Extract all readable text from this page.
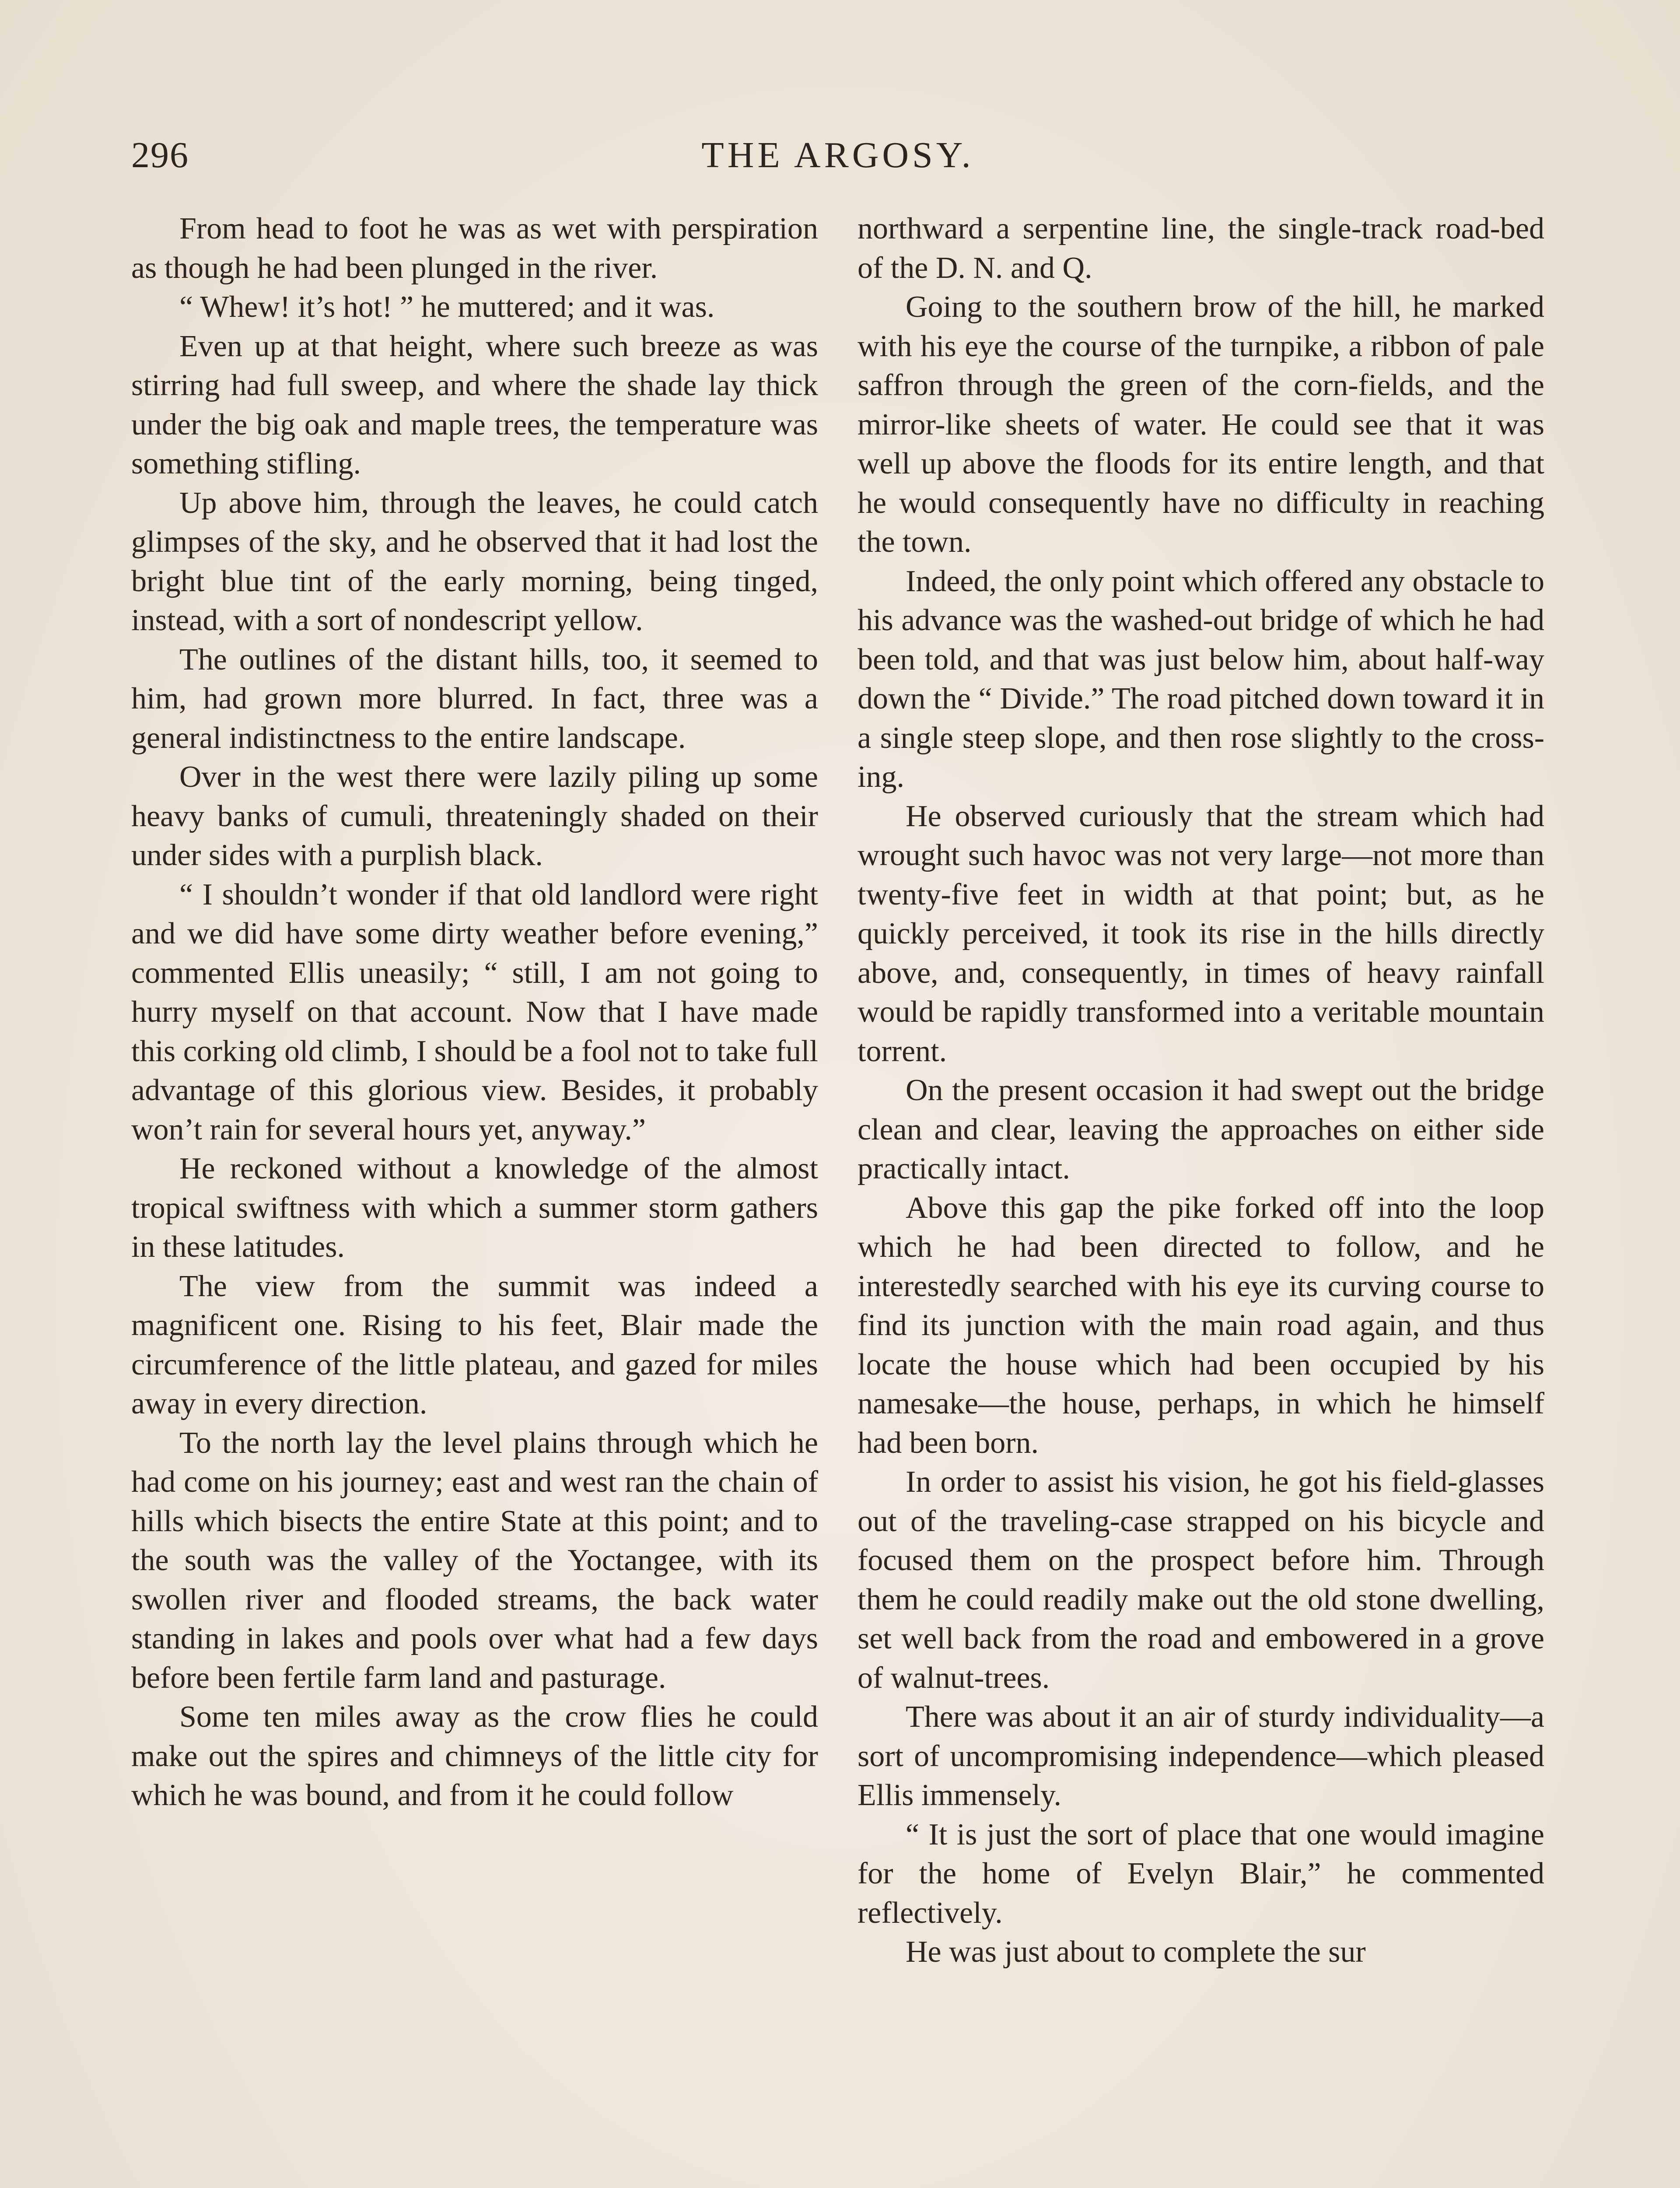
296	THE ARGOSY.

From head to foot he was as wet with perspiration as though he had been plunged in the river.

“ Whew! it’s hot! ” he muttered; and it was.

Even up at that height, where such breeze as was stirring had full sweep, and where the shade lay thick under the big oak and maple trees, the temperature was something stifling.

Up above him, through the leaves, he could catch glimpses of the sky, and he observed that it had lost the bright blue tint of the early morning, being tinged, instead, with a sort of nondescript yellow.

The outlines of the distant hills, too, it seemed to him, had grown more blurred. In fact, three was a general indistinctness to the entire landscape.

Over in the west there were lazily piling up some heavy banks of cumuli, threateningly shaded on their under sides with a purplish black.

“ I shouldn’t wonder if that old landlord were right and we did have some dirty weather before evening,” commented Ellis uneasily; “ still, I am not going to hurry myself on that account. Now that I have made this corking old climb, I should be a fool not to take full advantage of this glorious view. Besides, it probably won’t rain for several hours yet, anyway.”

He reckoned without a knowledge of the almost tropical swiftness with which a summer storm gathers in these latitudes.

The view from the summit was indeed a magnificent one. Rising to his feet, Blair made the circumference of the little plateau, and gazed for miles away in every direction.

To the north lay the level plains through which he had come on his journey; east and west ran the chain of hills which bisects the entire State at this point; and to the south was the valley of the Yoctangee, with its swollen river and flooded streams, the back water standing in lakes and pools over what had a few days before been fertile farm land and pasturage.

Some ten miles away as the crow flies he could make out the spires and chimneys of the little city for which he was bound, and from it he could follow

northward a serpentine line, the single-track road-bed of the D. N. and Q.

Going to the southern brow of the hill, he marked with his eye the course of the turnpike, a ribbon of pale saffron through the green of the corn-fields, and the mirror-like sheets of water. He could see that it was well up above the floods for its entire length, and that he would consequently have no difficulty in reaching the town.

Indeed, the only point which offered any obstacle to his advance was the washed-out bridge of which he had been told, and that was just below him, about half-way down the “ Divide.” The road pitched down toward it in a single steep slope, and then rose slightly to the crossing.

He observed curiously that the stream which had wrought such havoc was not very large—not more than twenty-five feet in width at that point; but, as he quickly perceived, it took its rise in the hills directly above, and, consequently, in times of heavy rainfall would be rapidly transformed into a veritable mountain torrent.

On the present occasion it had swept out the bridge clean and clear, leaving the approaches on either side practically intact.

Above this gap the pike forked off into the loop which he had been directed to follow, and he interestedly searched with his eye its curving course to find its junction with the main road again, and thus locate the house which had been occupied by his namesake—the house, perhaps, in which he himself had been born.

In order to assist his vision, he got his field-glasses out of the traveling-case strapped on his bicycle and focused them on the prospect before him. Through them he could readily make out the old stone dwelling, set well back from the road and embowered in a grove of walnut-trees.

There was about it an air of sturdy individuality—a sort of uncompromising independence—which pleased Ellis immensely.

“ It is just the sort of place that one would imagine for the home of Evelyn Blair,” he commented reflectively.

He was just about to complete the sur
